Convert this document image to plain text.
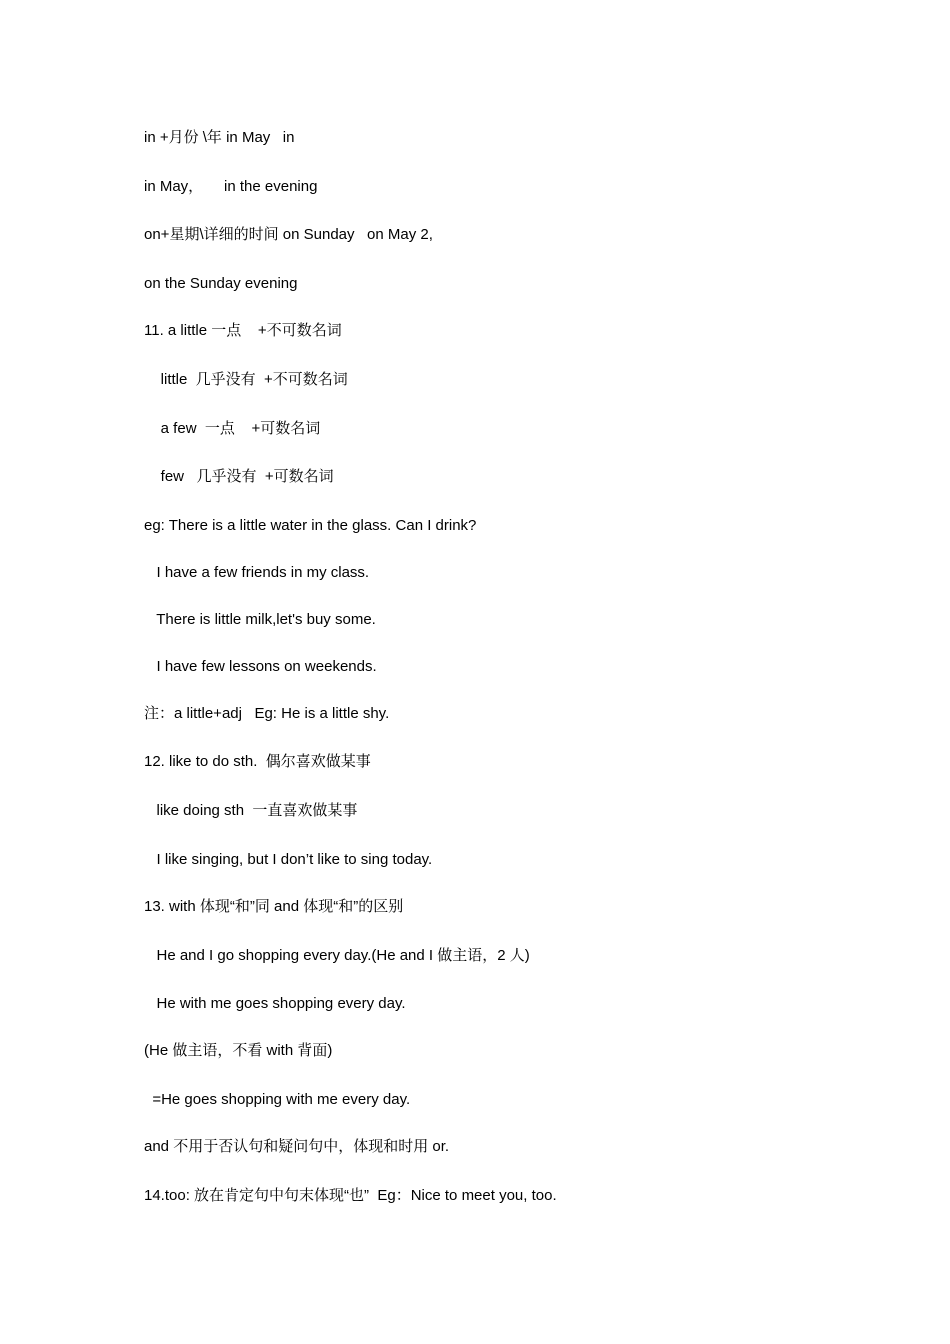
in +月份 \年 in May   in

in May，     in the evening

on+星期\详细的时间 on Sunday   on May 2,

on the Sunday evening

11. a little 一点    +不可数名词

little  几乎没有  +不可数名词

a few  一点    +可数名词

few   几乎没有  +可数名词

eg: There is a little water in the glass. Can I drink?

I have a few friends in my class.

There is little milk,let's buy some.

I have few lessons on weekends.

注：a little+adj   Eg: He is a little shy.

12. like to do sth.  偶尔喜欢做某事

like doing sth  一直喜欢做某事

I like singing, but I don’t like to sing today.

13. with 体现“和”同 and 体现“和”的区别

He and I go shopping every day.(He and I 做主语，2 人)

He with me goes shopping every day.

(He 做主语，不看 with 背面)

=He goes shopping with me every day.

and 不用于否认句和疑问句中，体现和时用 or.

14.too: 放在肯定句中句末体现“也”  Eg：Nice to meet you, too.
